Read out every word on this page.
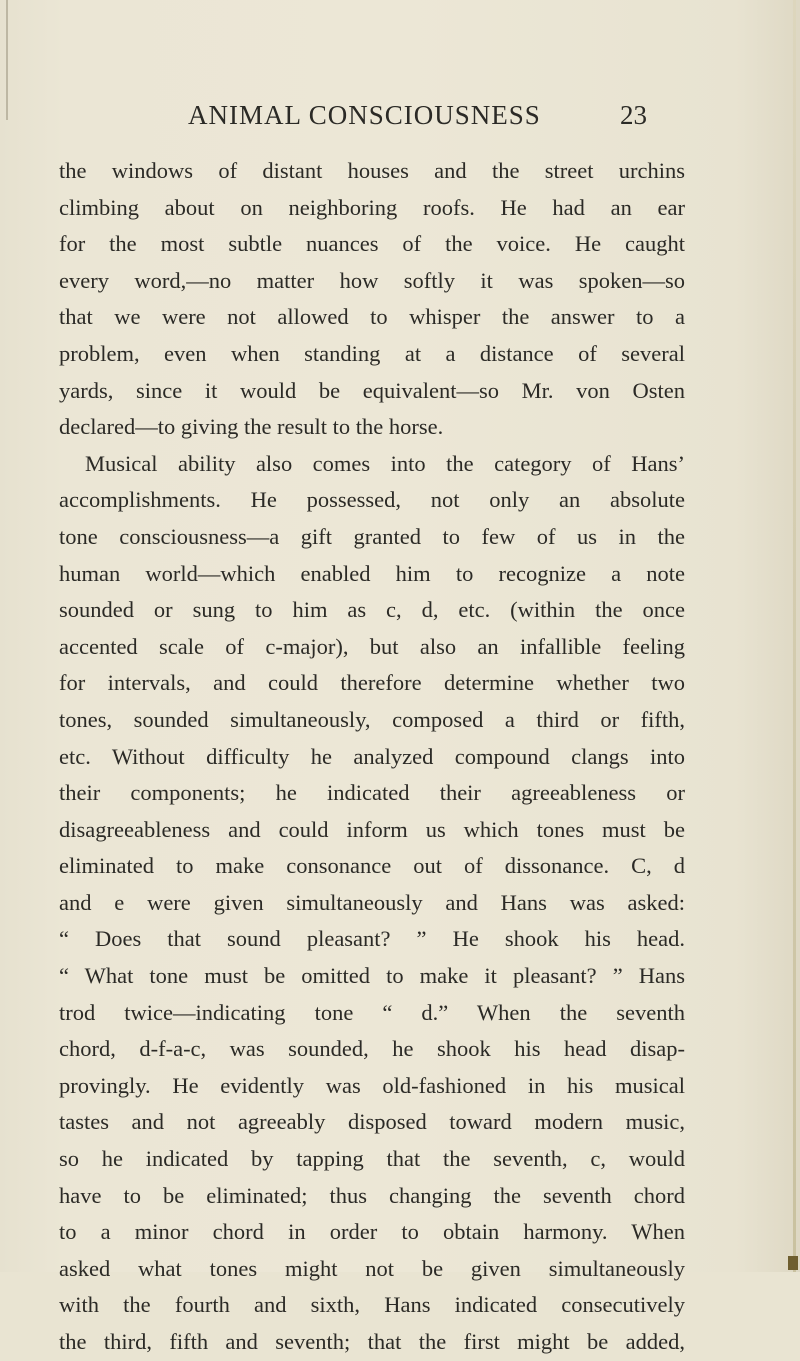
ANIMAL CONSCIOUSNESS	23
the windows of distant houses and the street urchins
climbing about on neighboring roofs. He had an ear
for the most subtle nuances of the voice. He caught
every word,—no matter how softly it was spoken—so
that we were not allowed to whisper the answer to a
problem, even when standing at a distance of several
yards, since it would be equivalent—so Mr. von Osten
declared—to giving the result to the horse.
Musical ability also comes into the category of Hans’
accomplishments. He possessed, not only an absolute
tone consciousness—a gift granted to few of us in the
human world—which enabled him to recognize a note
sounded or sung to him as c, d, etc. (within the once
accented scale of c-major), but also an infallible feeling
for intervals, and could therefore determine whether two
tones, sounded simultaneously, composed a third or fifth,
etc. Without difficulty he analyzed compound clangs into
their components; he indicated their agreeableness or
disagreeableness and could inform us which tones must be
eliminated to make consonance out of dissonance. C, d
and e were given simultaneously and Hans was asked:
“ Does that sound pleasant? ” He shook his head.
“ What tone must be omitted to make it pleasant? ” Hans
trod twice—indicating tone “ d.” When the seventh
chord, d-f-a-c, was sounded, he shook his head disap-
provingly. He evidently was old-fashioned in his musical
tastes and not agreeably disposed toward modern music,
so he indicated by tapping that the seventh, c, would
have to be eliminated; thus changing the seventh chord
to a minor chord in order to obtain harmony. When
asked what tones might not be given simultaneously
with the fourth and sixth, Hans indicated consecutively
the third, fifth and seventh; that the first might be added,
